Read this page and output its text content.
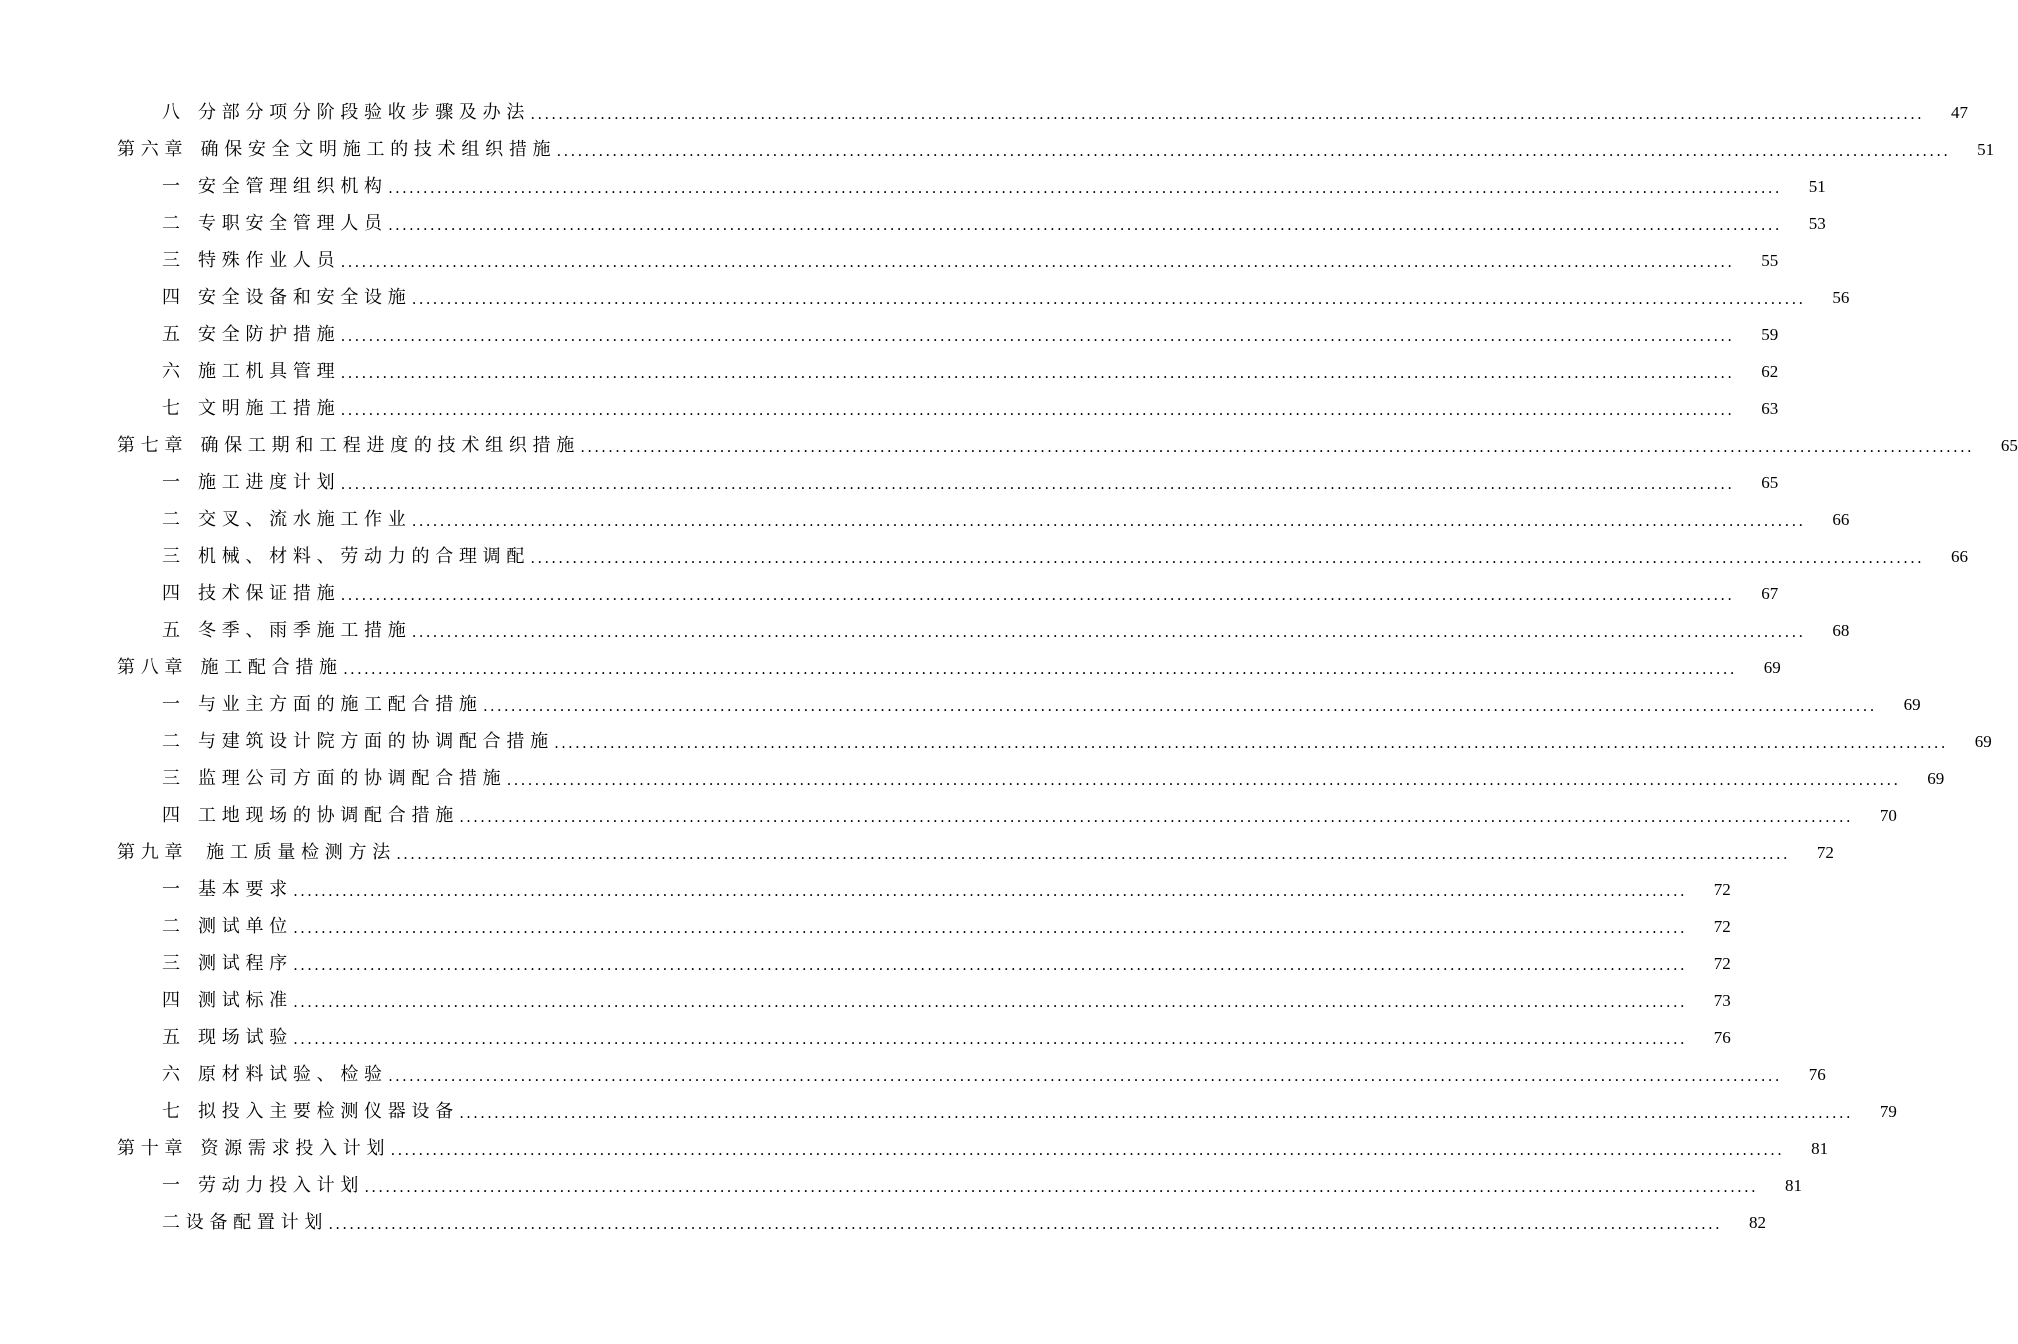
八　分 部 分 项 分 阶 段 验 收 步 骤 及 办 法 ........................................................................................................................................................................................................	47
第 六 章　确 保 安 全 文 明 施 工 的 技 术 组 织 措 施 ........................................................................................................................................................................................................	51
一　安 全 管 理 组 织 机 构 ........................................................................................................................................................................................................	51
二　专 职 安 全 管 理 人 员 ........................................................................................................................................................................................................	53
三　特 殊 作 业 人 员 ........................................................................................................................................................................................................	55
四　安 全 设 备 和 安 全 设 施 ........................................................................................................................................................................................................	56
五　安 全 防 护 措 施 ........................................................................................................................................................................................................	59
六　施 工 机 具 管 理 ........................................................................................................................................................................................................	62
七　文 明 施 工 措 施 ........................................................................................................................................................................................................	63
第 七 章　确 保 工 期 和 工 程 进 度 的 技 术 组 织 措 施 ........................................................................................................................................................................................................	65
一　施 工 进 度 计 划 ........................................................................................................................................................................................................	65
二　交 叉 、 流 水 施 工 作 业 ........................................................................................................................................................................................................	66
三　机 械 、 材 料 、 劳 动 力 的 合 理 调 配 ........................................................................................................................................................................................................	66
四　技 术 保 证 措 施 ........................................................................................................................................................................................................	67
五　冬 季 、 雨 季 施 工 措 施 ........................................................................................................................................................................................................	68
第 八 章　施 工 配 合 措 施 ........................................................................................................................................................................................................	69
一　与 业 主 方 面 的 施 工 配 合 措 施 ........................................................................................................................................................................................................	69
二　与 建 筑 设 计 院 方 面 的 协 调 配 合 措 施 ........................................................................................................................................................................................................	69
三　监 理 公 司 方 面 的 协 调 配 合 措 施 ........................................................................................................................................................................................................	69
四　工 地 现 场 的 协 调 配 合 措 施 ........................................................................................................................................................................................................	70
第 九 章　 施 工 质 量 检 测 方 法 ........................................................................................................................................................................................................	72
一　基 本 要 求 ........................................................................................................................................................................................................	72
二　测 试 单 位 ........................................................................................................................................................................................................	72
三　测 试 程 序 ........................................................................................................................................................................................................	72
四　测 试 标 准 ........................................................................................................................................................................................................	73
五　现 场 试 验 ........................................................................................................................................................................................................	76
六　原 材 料 试 验 、 检 验 ........................................................................................................................................................................................................	76
七　拟 投 入 主 要 检 测 仪 器 设 备 ........................................................................................................................................................................................................	79
第 十 章　资 源 需 求 投 入 计 划 ........................................................................................................................................................................................................	81
一　劳 动 力 投 入 计 划 ........................................................................................................................................................................................................	81
二 设 备 配 置 计 划 ........................................................................................................................................................................................................	82
